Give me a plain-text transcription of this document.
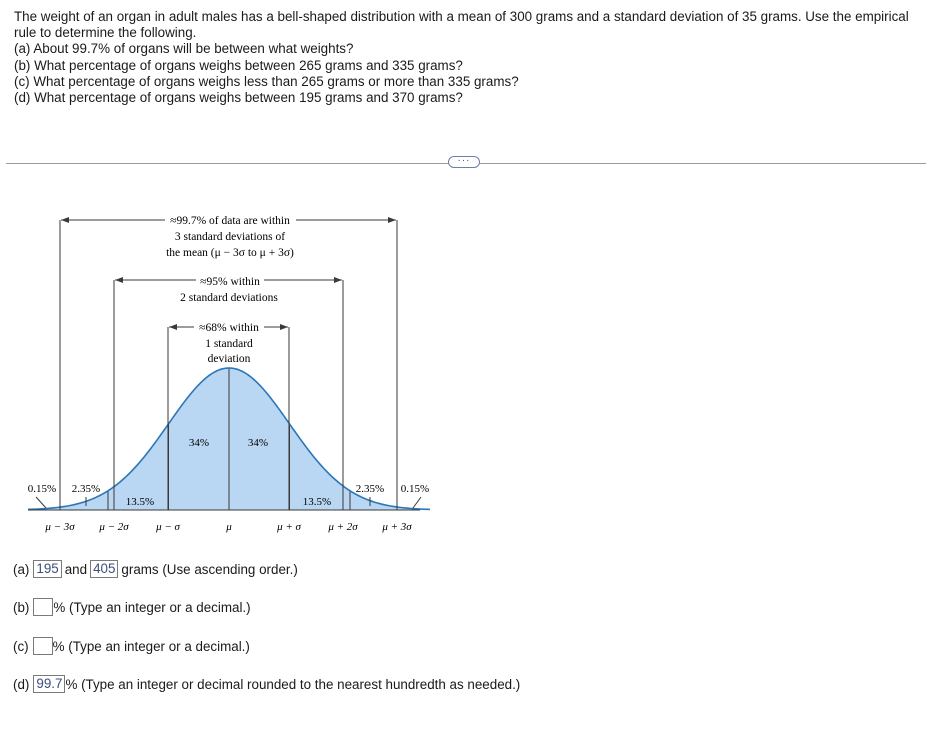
The weight of an organ in adult males has a bell-shaped distribution with a mean of 300 grams and a standard deviation of 35 grams. Use the empirical rule to determine the following.

(a) About 99.7% of organs will be between what weights?

(b) What percentage of organs weighs between 265 grams and 335 grams?

(c) What percentage of organs weighs less than 265 grams or more than 335 grams?

(d) What percentage of organs weighs between 195 grams and 370 grams?

···
≈99.7% of data are within
3 standard deviations of
the mean (μ − 3σ to μ + 3σ)
≈95% within
2 standard deviations
≈68% within
1 standard
deviation
34%	34%
13.5%	13.5%
0.15% 2.35%	2.35% 0.15%
μ − 3σ μ − 2σ μ − σ	μ	μ + σ μ + 2σ μ + 3σ
(a) 195 and 405 grams (Use ascending order.)
(b) % (Type an integer or a decimal.)
(c) % (Type an integer or a decimal.)
(d) 99.7 % (Type an integer or decimal rounded to the nearest hundredth as needed.)
